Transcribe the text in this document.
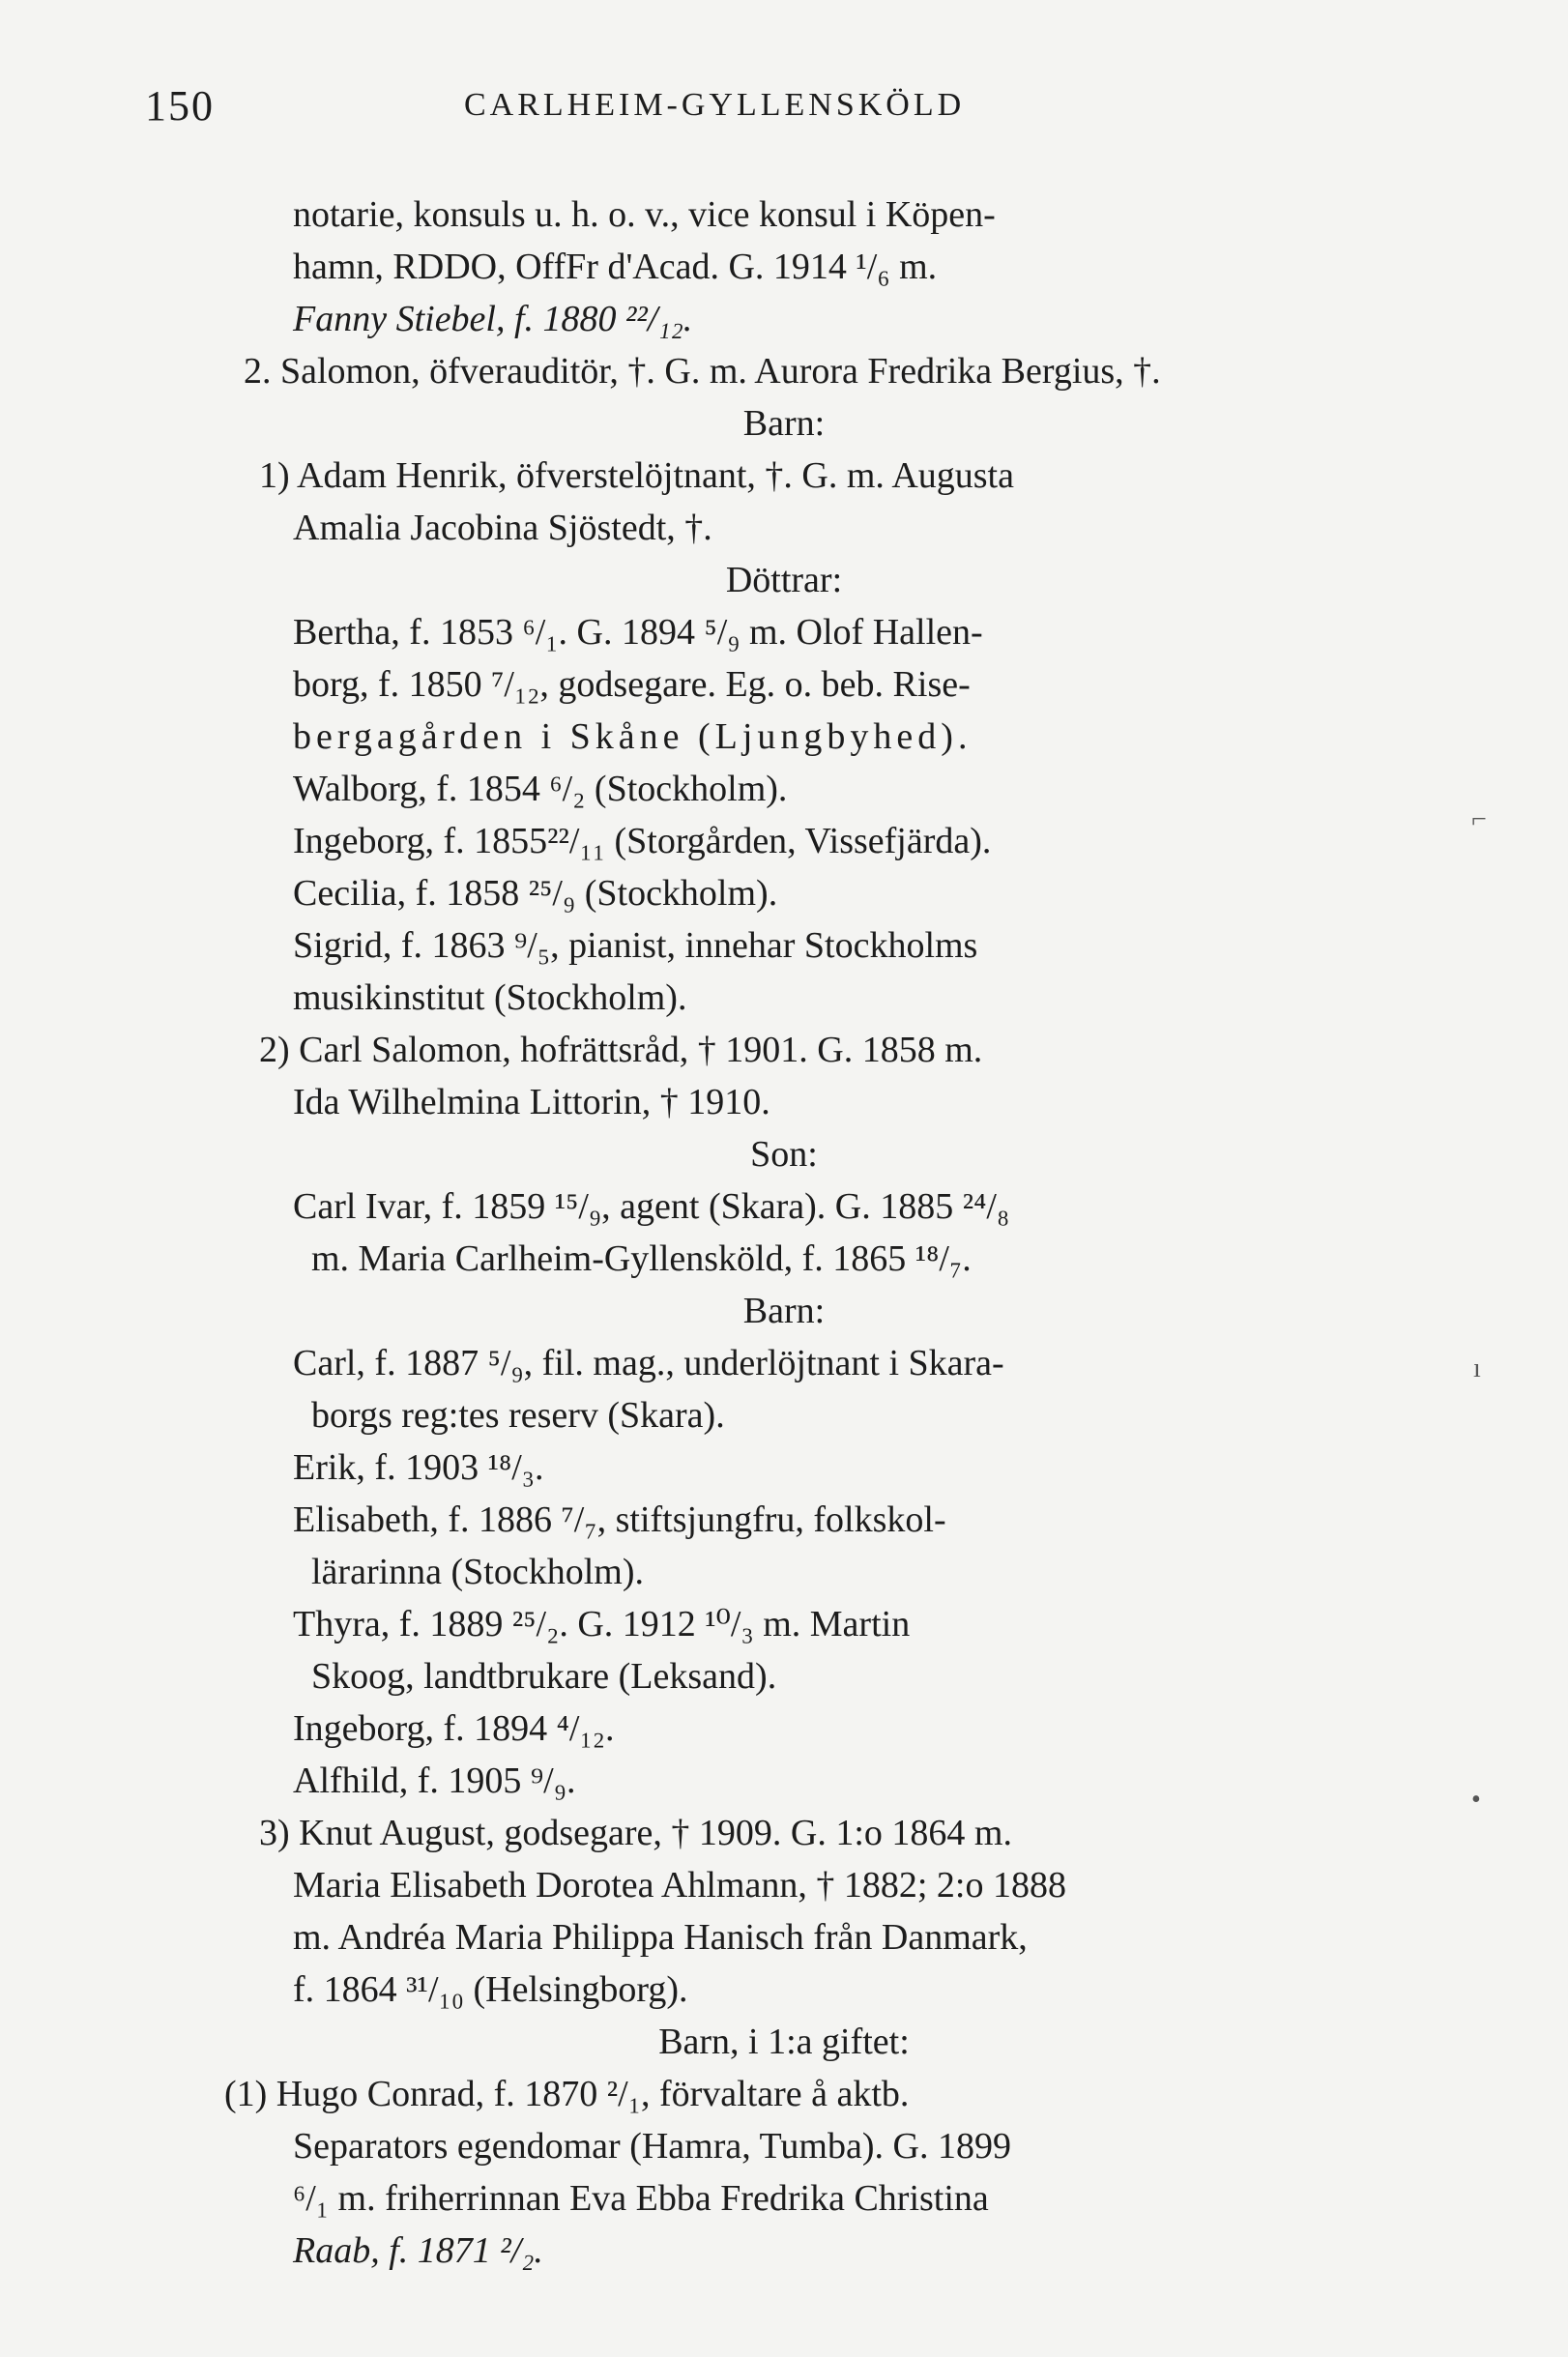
150	CARLHEIM-GYLLENSKÖLD
notarie, konsuls u. h. o. v., vice konsul i Köpen-
hamn, RDDO, OffFr d'Acad. G. 1914 ¹/₆ m.
Fanny Stiebel, f. 1880 ²²/₁₂.
2. Salomon, öfverauditör, †. G. m. Aurora Fredrika Bergius, †.
Barn:
1) Adam Henrik, öfverstelöjtnant, †. G. m. Augusta
Amalia Jacobina Sjöstedt, †.
Döttrar:
Bertha, f. 1853 ⁶/₁. G. 1894 ⁵/₉ m. Olof Hallen-
borg, f. 1850 ⁷/₁₂, godsegare. Eg. o. beb. Rise-
bergagården i Skåne (Ljungbyhed).
Walborg, f. 1854 ⁶/₂ (Stockholm).
Ingeborg, f. 1855²²/₁₁ (Storgården, Vissefjärda).
Cecilia, f. 1858 ²⁵/₉ (Stockholm).
Sigrid, f. 1863 ⁹/₅, pianist, innehar Stockholms
musikinstitut (Stockholm).
2) Carl Salomon, hofrättsråd, † 1901. G. 1858 m.
Ida Wilhelmina Littorin, † 1910.
Son:
Carl Ivar, f. 1859 ¹⁵/₉, agent (Skara). G. 1885 ²⁴/₈
m. Maria Carlheim-Gyllensköld, f. 1865 ¹⁸/₇.
Barn:
Carl, f. 1887 ⁵/₉, fil. mag., underlöjtnant i Skara-
borgs reg:tes reserv (Skara).
Erik, f. 1903 ¹⁸/₃.
Elisabeth, f. 1886 ⁷/₇, stiftsjungfru, folkskol-
lärarinna (Stockholm).
Thyra, f. 1889 ²⁵/₂. G. 1912 ¹⁰/₃ m. Martin
Skoog, landtbrukare (Leksand).
Ingeborg, f. 1894 ⁴/₁₂.
Alfhild, f. 1905 ⁹/₉.
3) Knut August, godsegare, † 1909. G. 1:o 1864 m.
Maria Elisabeth Dorotea Ahlmann, † 1882; 2:o 1888
m. Andréa Maria Philippa Hanisch från Danmark,
f. 1864 ³¹/₁₀ (Helsingborg).
Barn, i 1:a giftet:
(1) Hugo Conrad, f. 1870 ²/₁, förvaltare å aktb.
Separators egendomar (Hamra, Tumba). G. 1899
⁶/₁ m. friherrinnan Eva Ebba Fredrika Christina
Raab, f. 1871 ²/₂.
⌐
ı
•
